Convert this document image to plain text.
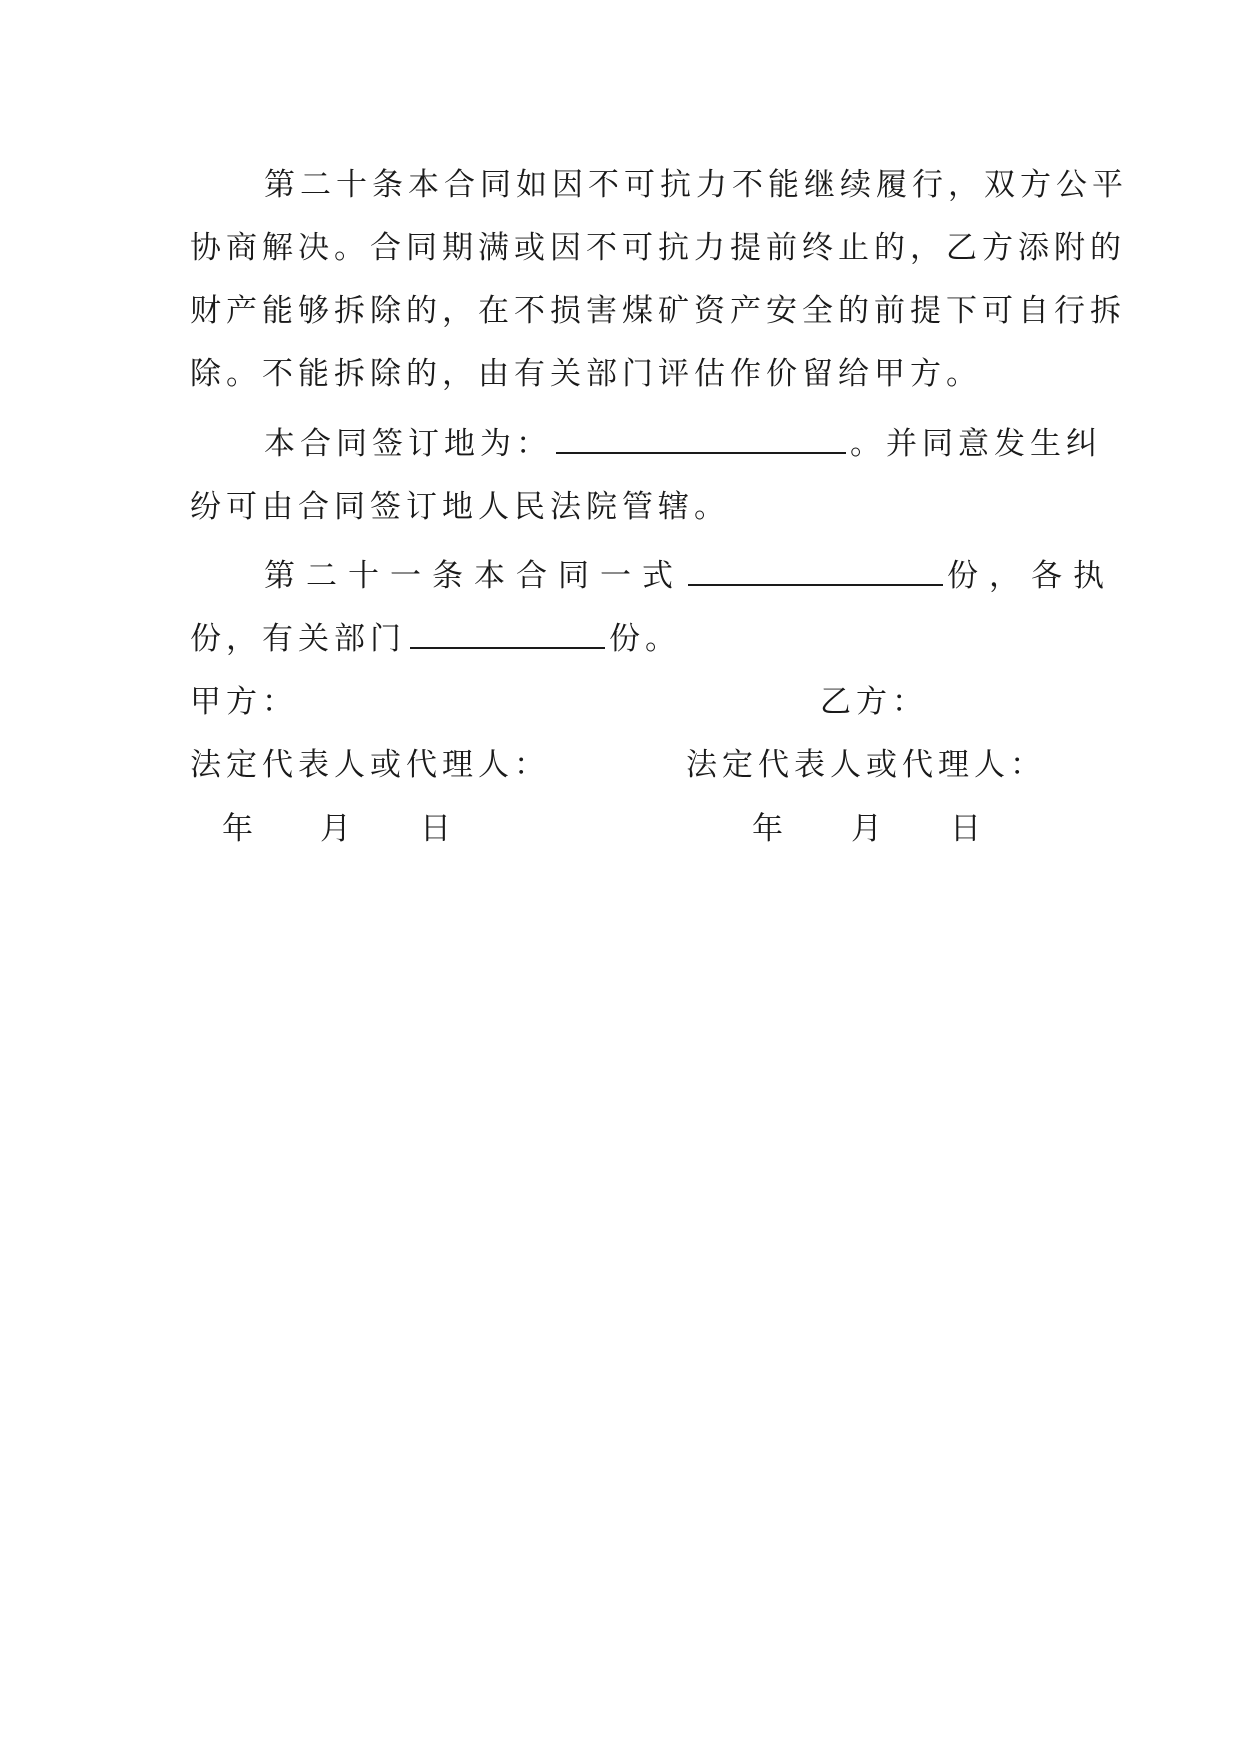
第二十条本合同如因不可抗力不能继续履行，双方公平
协商解决。合同期满或因不可抗力提前终止的，乙方添附的
财产能够拆除的，在不损害煤矿资产安全的前提下可自行拆
除。不能拆除的，由有关部门评估作价留给甲方。
本合同签订地为：	。并同意发生纠
纷可由合同签订地人民法院管辖。
第二十一条本合同一式	份，各执
份，有关部门	份。
甲方：	乙方：
法定代表人或代理人：	法定代表人或代理人：
年 月 日	年 月 日
